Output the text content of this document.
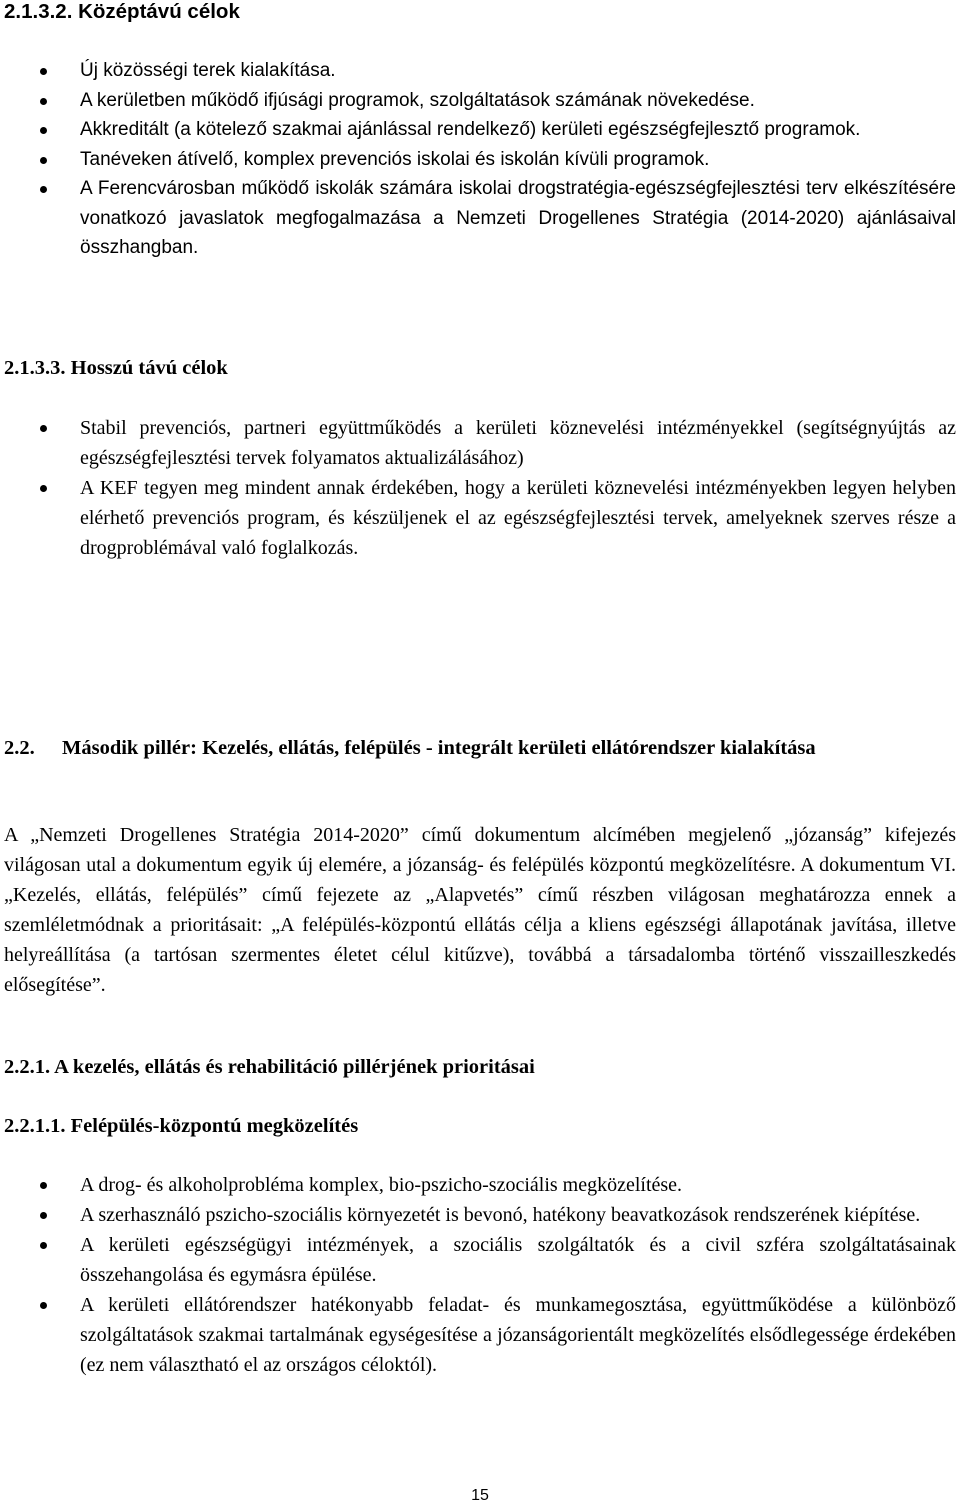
2.1.3.2. Középtávú célok
Új közösségi terek kialakítása.
A kerületben működő ifjúsági programok, szolgáltatások számának növekedése.
Akkreditált (a kötelező szakmai ajánlással rendelkező) kerületi egészségfejlesztő programok.
Tanéveken átívelő, komplex prevenciós iskolai és iskolán kívüli programok.
A Ferencvárosban működő iskolák számára iskolai drogstratégia-egészségfejlesztési terv elkészítésére vonatkozó javaslatok megfogalmazása a Nemzeti Drogellenes Stratégia (2014-2020) ajánlásaival összhangban.
2.1.3.3. Hosszú távú célok
Stabil prevenciós, partneri együttműködés a kerületi köznevelési intézményekkel (segítségnyújtás az egészségfejlesztési tervek folyamatos aktualizálásához)
A KEF tegyen meg mindent annak érdekében, hogy a kerületi köznevelési intézményekben legyen helyben elérhető prevenciós program, és készüljenek el az egészségfejlesztési tervek, amelyeknek szerves része a drogproblémával való foglalkozás.
2.2. Második pillér: Kezelés, ellátás, felépülés - integrált kerületi ellátórendszer kialakítása

A „Nemzeti Drogellenes Stratégia 2014-2020” című dokumentum alcímében megjelenő „józanság” kifejezés világosan utal a dokumentum egyik új elemére, a józanság- és felépülés központú megközelítésre. A dokumentum VI. „Kezelés, ellátás, felépülés” című fejezete az „Alapvetés” című részben világosan meghatározza ennek a szemléletmódnak a prioritásait: „A felépülés-központú ellátás célja a kliens egészségi állapotának javítása, illetve helyreállítása (a tartósan szermentes életet célul kitűzve), továbbá a társadalomba történő visszailleszkedés elősegítése”.

2.2.1. A kezelés, ellátás és rehabilitáció pillérjének prioritásai
2.2.1.1. Felépülés-központú megközelítés
A drog- és alkoholprobléma komplex, bio-pszicho-szociális megközelítése.
A szerhasználó pszicho-szociális környezetét is bevonó, hatékony beavatkozások rendszerének kiépítése.
A kerületi egészségügyi intézmények, a szociális szolgáltatók és a civil szféra szolgáltatásainak összehangolása és egymásra épülése.
A kerületi ellátórendszer hatékonyabb feladat- és munkamegosztása, együttműködése a különböző szolgáltatások szakmai tartalmának egységesítése a józanságorientált megközelítés elsődlegessége érdekében (ez nem választható el az országos céloktól).
15
